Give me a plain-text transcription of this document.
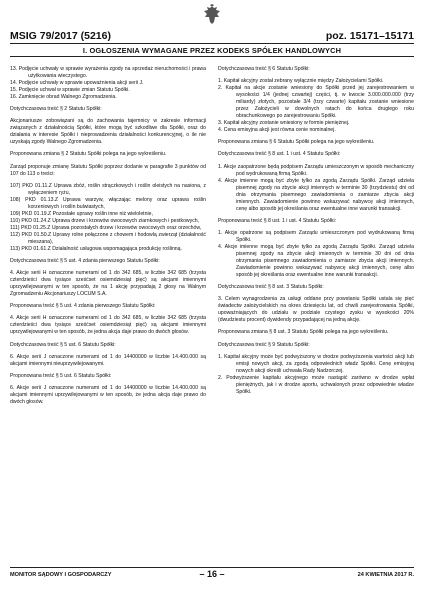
MSIG 79/2017 (5216)	poz. 15171–15171
I. OGŁOSZENIA WYMAGANE PRZEZ KODEKS SPÓŁEK HANDLOWYCH
13. Podjęcie uchwały w sprawie wyrażenia zgody na sprzedaż nieruchomości i prawa użytkowania wieczystego.
14. Podjęcie uchwały w sprawie upoważnienia akcji serii J.
15. Podjęcie uchwał w sprawie zmian Statutu Spółki.
16. Zamknięcie obrad Walnego Zgromadzenia.
Dotychczasowa treść § 2 Statutu Spółki:
Akcjonariusze zobowiązani są do zachowania tajemnicy w zakresie informacji związanych z działalnością Spółki, które mogą być szkodliwe dla Spółki, oraz do działania w interesie Spółki i nieprowadzenia działalności konkurencyjnej, o ile nie uzyskają zgody Walnego Zgromadzenia.
Proponowana zmiana § 2 Statutu Spółki polega na jego wykreśleniu.
Zarząd proponuje zmianę Statutu Spółki poprzez dodanie w paragrafie 3 punktów od 107 do 113 o treści:
107) PKD 01.11.Z Uprawa zbóż, roślin strączkowych i roślin oleistych na nasiona, z wyłączeniem ryżu,
108) PKD 01.13.Z Uprawa warzyw, włączając melony oraz uprawa roślin korzeniowych i roślin bulwiastych,
109) PKD 01.19.Z Pozostałe uprawy roślin inne niż wieloletnie,
110) PKD 01.24.Z Uprawa drzew i krzewów owocowych ziarnkowych i pestkowych,
111) PKD 01.25.Z Uprawa pozostałych drzew i krzewów owocowych oraz orzechów,
112) PKD 01.50.Z Uprawy rolne połączone z chowem i hodowlą zwierząt (działalność mieszana),
113) PKD 01.61.Z Działalność usługowa wspomagająca produkcję roślinną.
Dotychczasowa treść § 5 ust. 4 zdania pierwszego Statutu Spółki:
4. Akcje serii H oznaczone numerami od 1 do 342 685, w liczbie 342 685 (trzysta czterdzieści dwa tysiące sześćset osiemdziesiąt pięć) są akcjami imiennymi uprzywilejowanymi w ten sposób, że na 1 akcję przypadają 2 głosy na Walnym Zgromadzeniu Akcjonariuszy LOCUM S.A.
Proponowana treść § 5 ust. 4 zdania pierwszego Statutu Spółki:
4. Akcje serii H oznaczone numerami od 1 do 342 685, w liczbie 342 685 (trzysta czterdzieści dwa tysiące sześćset osiemdziesiąt pięć) są akcjami imiennymi uprzywilejowanymi w ten sposób, że jedna akcja daje prawo do dwóch głosów.
Dotychczasowa treść § 5 ust. 6 Statutu Spółki:
6. Akcje serii J oznaczone numerami od 1 do 14400000 w liczbie 14.400.000 są akcjami imiennymi nieuprzywilejowanymi.
Proponowana treść § 5 ust. 6 Statutu Spółki:
6. Akcje serii J oznaczone numerami od 1 do 14400000 w liczbie 14.400.000 są akcjami imiennymi uprzywilejowanymi w ten sposób, że jedna akcja daje prawo do dwóch głosów.
Dotychczasowa treść § 6 Statutu Spółki:
1. Kapitał akcyjny został zebrany wyłącznie między Założycielami Spółki.
2. Kapitał na akcje zostanie wniesiony do Spółki przed jej zarejestrowaniem w wysokości 1/4 (jednej czwartej) części, tj. w kwocie 3.000.000.000 (trzy miliardy) złotych, pozostałe 3/4 (trzy czwarte) kapitału zostanie wniesione przez Założycieli w dowolnych ratach do końca drugiego roku obrachunkowego po zarejestrowaniu Spółki.
3. Kapitał akcyjny zostanie wniesiony w formie pieniężnej.
4. Cena emisyjna akcji jest równa cenie nominalnej.
Proponowana zmiana § 6 Statutu Spółki polega na jego wykreśleniu.
Dotychczasowa treść § 8 ust. 1 i ust. 4 Statutu Spółki:
1. Akcje zaopatrzone będą podpisem Zarządu umieszczonym w sposób mechaniczny pod wydrukowaną firmą Spółki.
4. Akcje imienne mogą być zbyte tylko za zgodą Zarządu Spółki. Zarząd udziela pisemnej zgody na zbycie akcji imiennych w terminie 30 (trzydziestu) dni od dnia otrzymania pisemnego zawiadomienia o zamiarze zbycia akcji imiennych. Zawiadomienie powinno wskazywać nabywcę akcji imiennych, cenę albo sposób jej określania oraz ewentualne inne warunki transakcji.
Proponowana treść § 8 ust. 1 i ust. 4 Statutu Spółki:
1. Akcje opatrzone są podpisem Zarządu umieszczonym pod wydrukowaną firmą Spółki.
4. Akcje imienne mogą być zbyte tylko za zgodą Zarządu Spółki. Zarząd udziela pisemnej zgody na zbycie akcji imiennych w terminie 30 dni od dnia otrzymania pisemnego zawiadomienia o zamiarze zbycia akcji imiennych. Zawiadomienie powinno wskazywać nabywcę akcji imiennych, cenę albo sposób jej określania oraz ewentualne inne warunki transakcji.
Dotychczasowa treść § 8 ust. 3 Statutu Spółki:
3. Celem wynagrodzenia za usługi oddane przy powstaniu Spółki ustala się pięć świadectw założycielskich na okres dziesięciu lat, od chwili zarejestrowania Spółki, upoważniających do udziału w podziale czystego zysku w wysokości 20% (dwudziestu procent) dywidendy przypadającej na jedną akcję.
Proponowana zmiana § 8 ust. 3 Statutu Spółki polega na jego wykreśleniu.
Dotychczasowa treść § 9 Statutu Spółki:
1. Kapitał akcyjny może być podwyższony w drodze podwyższenia wartości akcji lub emisji nowych akcji, za zgodą odpowiednich władz Spółki. Cenę emisyjną nowych akcji określi uchwała Rady Nadzorczej.
2. Podwyższenie kapitału akcyjnego może nastąpić zarówno w drodze wpłat pieniężnych, jak i w drodze aportu, uchwalonych przez odpowiednie władze Spółki.
MONITOR SĄDOWY I GOSPODARCZY	– 16 –	24 KWIETNIA 2017 R.
